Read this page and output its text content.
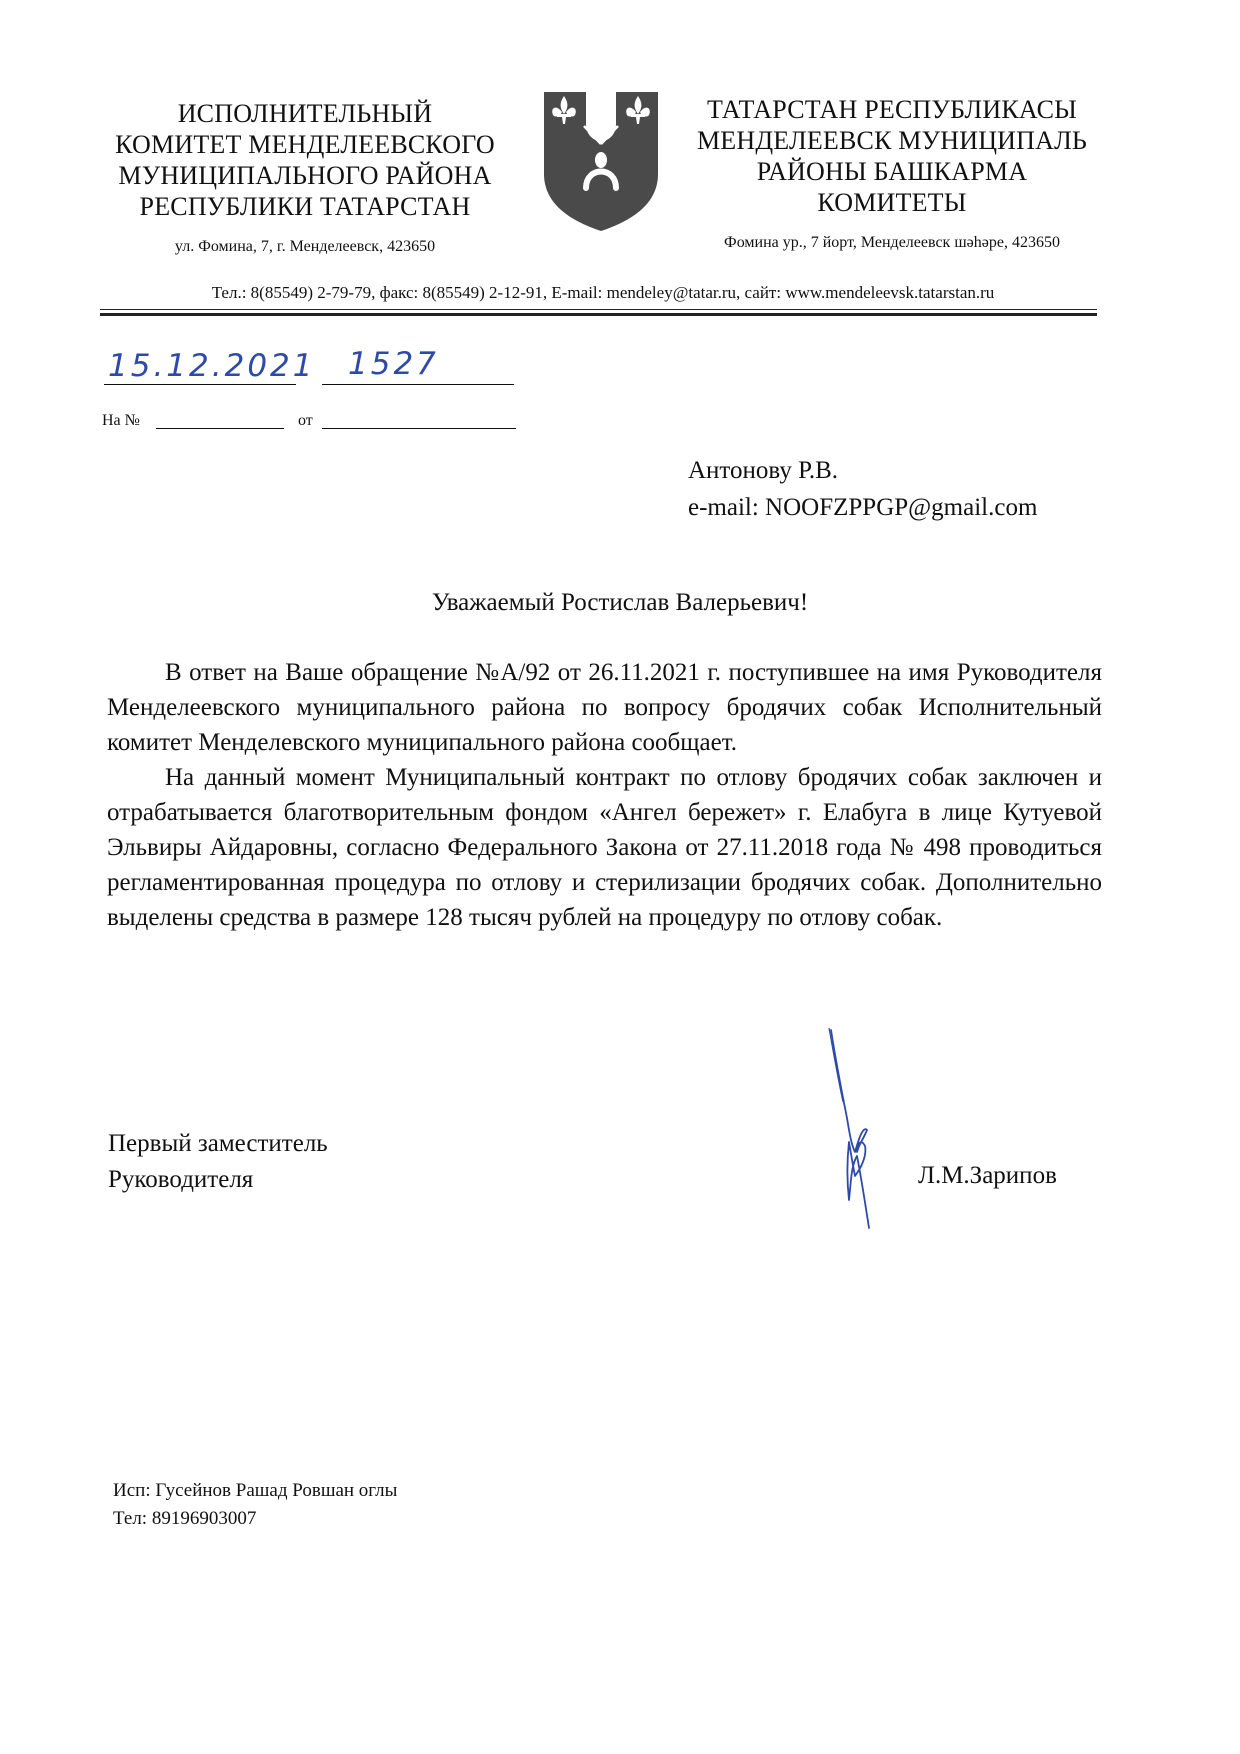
ИСПОЛНИТЕЛЬНЫЙ
КОМИТЕТ МЕНДЕЛЕЕВСКОГО
МУНИЦИПАЛЬНОГО РАЙОНА
РЕСПУБЛИКИ ТАТАРСТАН
ул. Фомина, 7, г. Менделеевск, 423650
ТАТАРСТАН РЕСПУБЛИКАСЫ
МЕНДЕЛЕЕВСК МУНИЦИПАЛЬ
РАЙОНЫ БАШКАРМА
КОМИТЕТЫ
Фомина ур., 7 йорт, Менделеевск шәһәре, 423650
Тел.: 8(85549) 2-79-79, факс: 8(85549) 2-12-91, E-mail: mendeley@tatar.ru, сайт: www.mendeleevsk.tatarstan.ru
15.12.2021 1527
На №	от
Антонову Р.В.
e-mail: NOOFZPPGP@gmail.com
Уважаемый Ростислав Валерьевич!

В ответ на Ваше обращение №А/92 от 26.11.2021 г. поступившее на имя Руководителя Менделеевского муниципального района по вопросу бродячих собак Исполнительный комитет Менделевского муниципального района сообщает.

На данный момент Муниципальный контракт по отлову бродячих собак заключен и отрабатывается благотворительным фондом «Ангел бережет» г. Елабуга в лице Кутуевой Эльвиры Айдаровны, согласно Федерального Закона от 27.11.2018 года № 498 проводиться регламентированная процедура по отлову и стерилизации бродячих собак. Дополнительно выделены средства в размере 128 тысяч рублей на процедуру по отлову собак.

Первый заместитель
Руководителя	Л.М.Зарипов
Исп: Гусейнов Рашад Ровшан оглы
Тел: 89196903007
